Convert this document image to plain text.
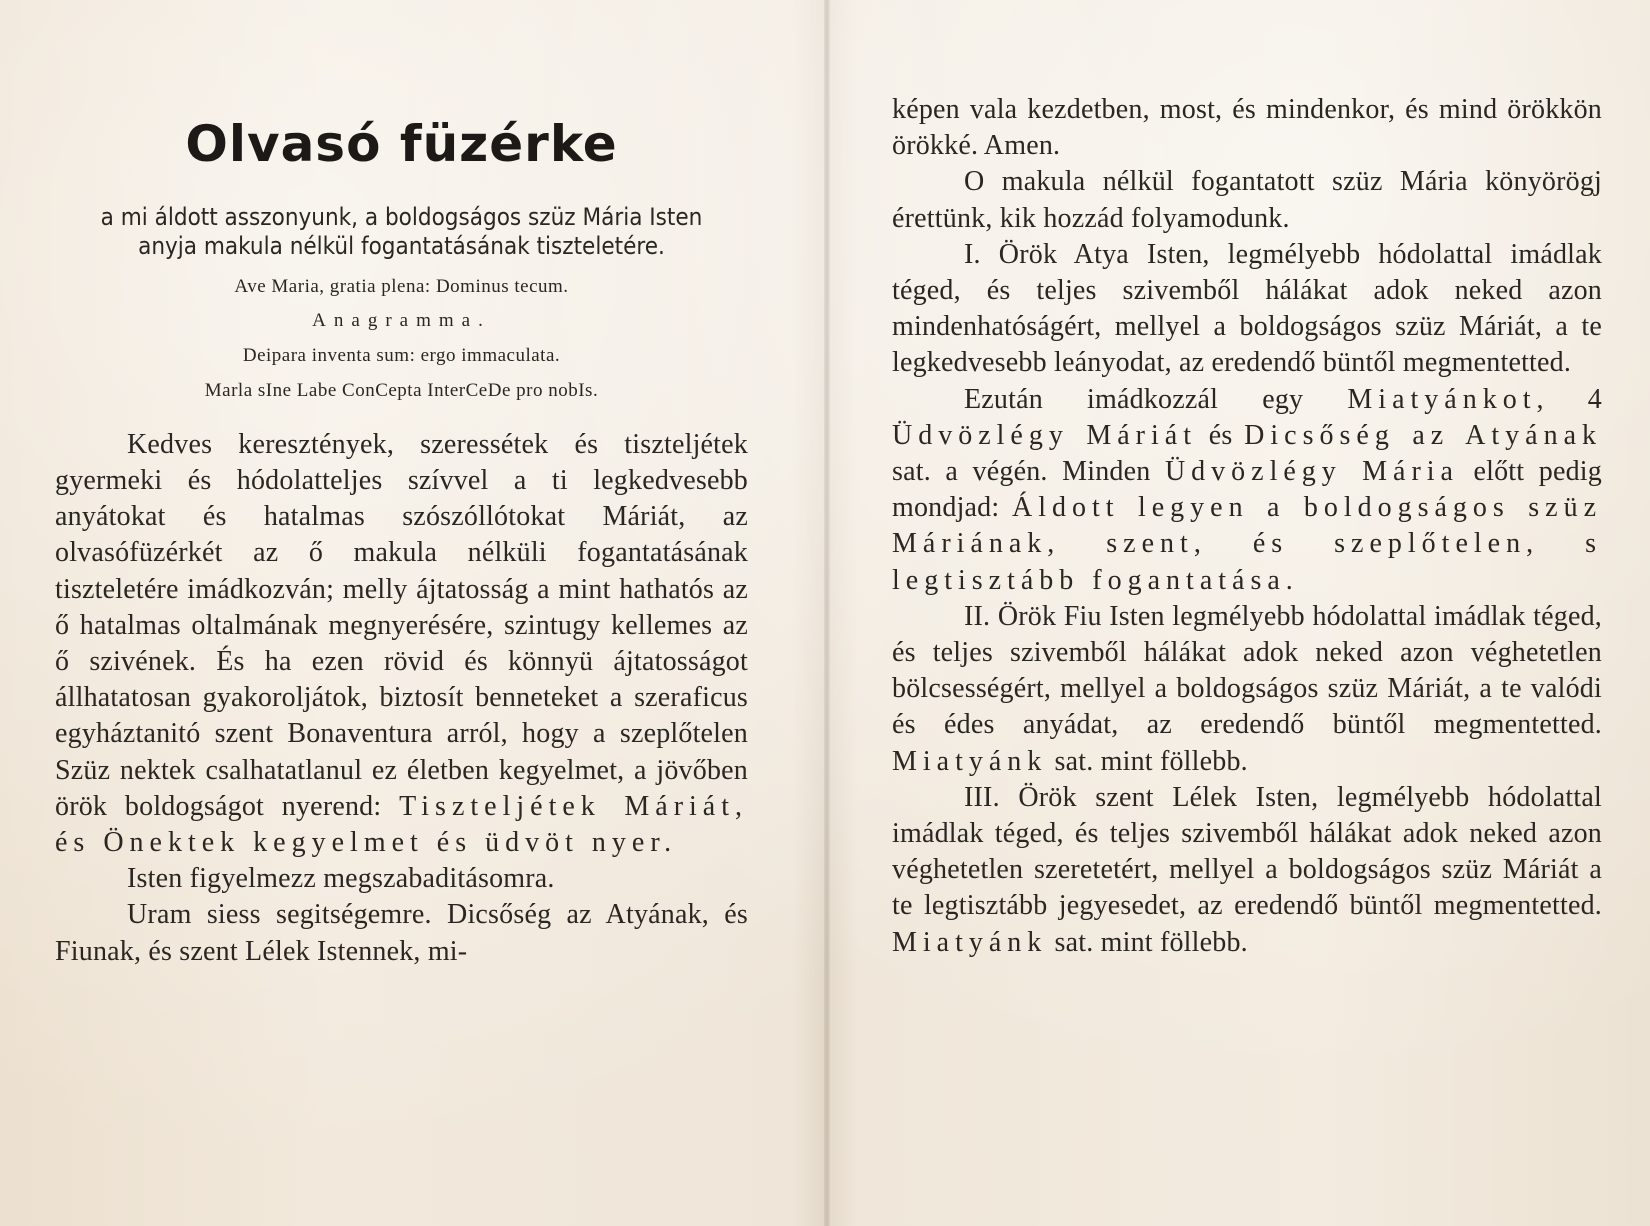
Olvasó füzérke
a mi áldott asszonyunk, a boldogságos szüz Mária Isten
anyja makula nélkül fogantatásának tiszteletére.
Ave Maria, gratia plena: Dominus tecum.
Anagramma.
Deipara inventa sum: ergo immaculata.
Marla sIne Labe ConCepta InterCeDe pro nobIs.

Kedves keresztények, szeressétek és tiszteljétek gyermeki és hódolatteljes szívvel a ti legkedvesebb anyátokat és hatalmas szószóllótokat Máriát, az olvasófüzérkét az ő makula nélküli fogantatásának tiszteletére imádkozván; melly ájtatosság a mint hathatós az ő hatalmas oltalmának megnyerésére, szintugy kellemes az ő szivének. És ha ezen rövid és könnyü ájtatosságot állhatatosan gyakoroljátok, biztosít benneteket a szeraficus egyháztanitó szent Bonaventura arról, hogy a szeplőtelen Szüz nektek csalhatatlanul ez életben kegyelmet, a jövőben örök boldogságot nyerend: Tiszteljétek Máriát, és Önektek kegyelmet és üdvöt nyer.

Isten figyelmezz megszabaditásomra.

Uram siess segitségemre. Dicsőség az Atyának, és Fiunak, és szent Lélek Istennek, mi-

képen vala kezdetben, most, és mindenkor, és mind örökkön örökké. Amen.

O makula nélkül fogantatott szüz Mária könyörögj érettünk, kik hozzád folyamodunk.

I. Örök Atya Isten, legmélyebb hódolattal imádlak téged, és teljes szivemből hálákat adok neked azon mindenhatóságért, mellyel a boldogságos szüz Máriát, a te legkedvesebb leányodat, az eredendő büntől megmentetted.

Ezután imádkozzál egy Miatyánkot, 4 Üdvözlégy Máriát és Dicsőség az Atyának sat. a végén. Minden Üdvözlégy Mária előtt pedig mondjad: Áldott legyen a boldogságos szüz Máriának, szent, és szeplőtelen, s legtisztább fogantatása.

II. Örök Fiu Isten legmélyebb hódolattal imádlak téged, és teljes szivemből hálákat adok neked azon véghetetlen bölcsességért, mellyel a boldogságos szüz Máriát, a te valódi és édes anyádat, az eredendő büntől megmentetted. Miatyánk sat. mint föllebb.

III. Örök szent Lélek Isten, legmélyebb hódolattal imádlak téged, és teljes szivemből hálákat adok neked azon véghetetlen szeretetért, mellyel a boldogságos szüz Máriát a te legtisztább jegyesedet, az eredendő büntől megmentetted. Miatyánk sat. mint föllebb.
